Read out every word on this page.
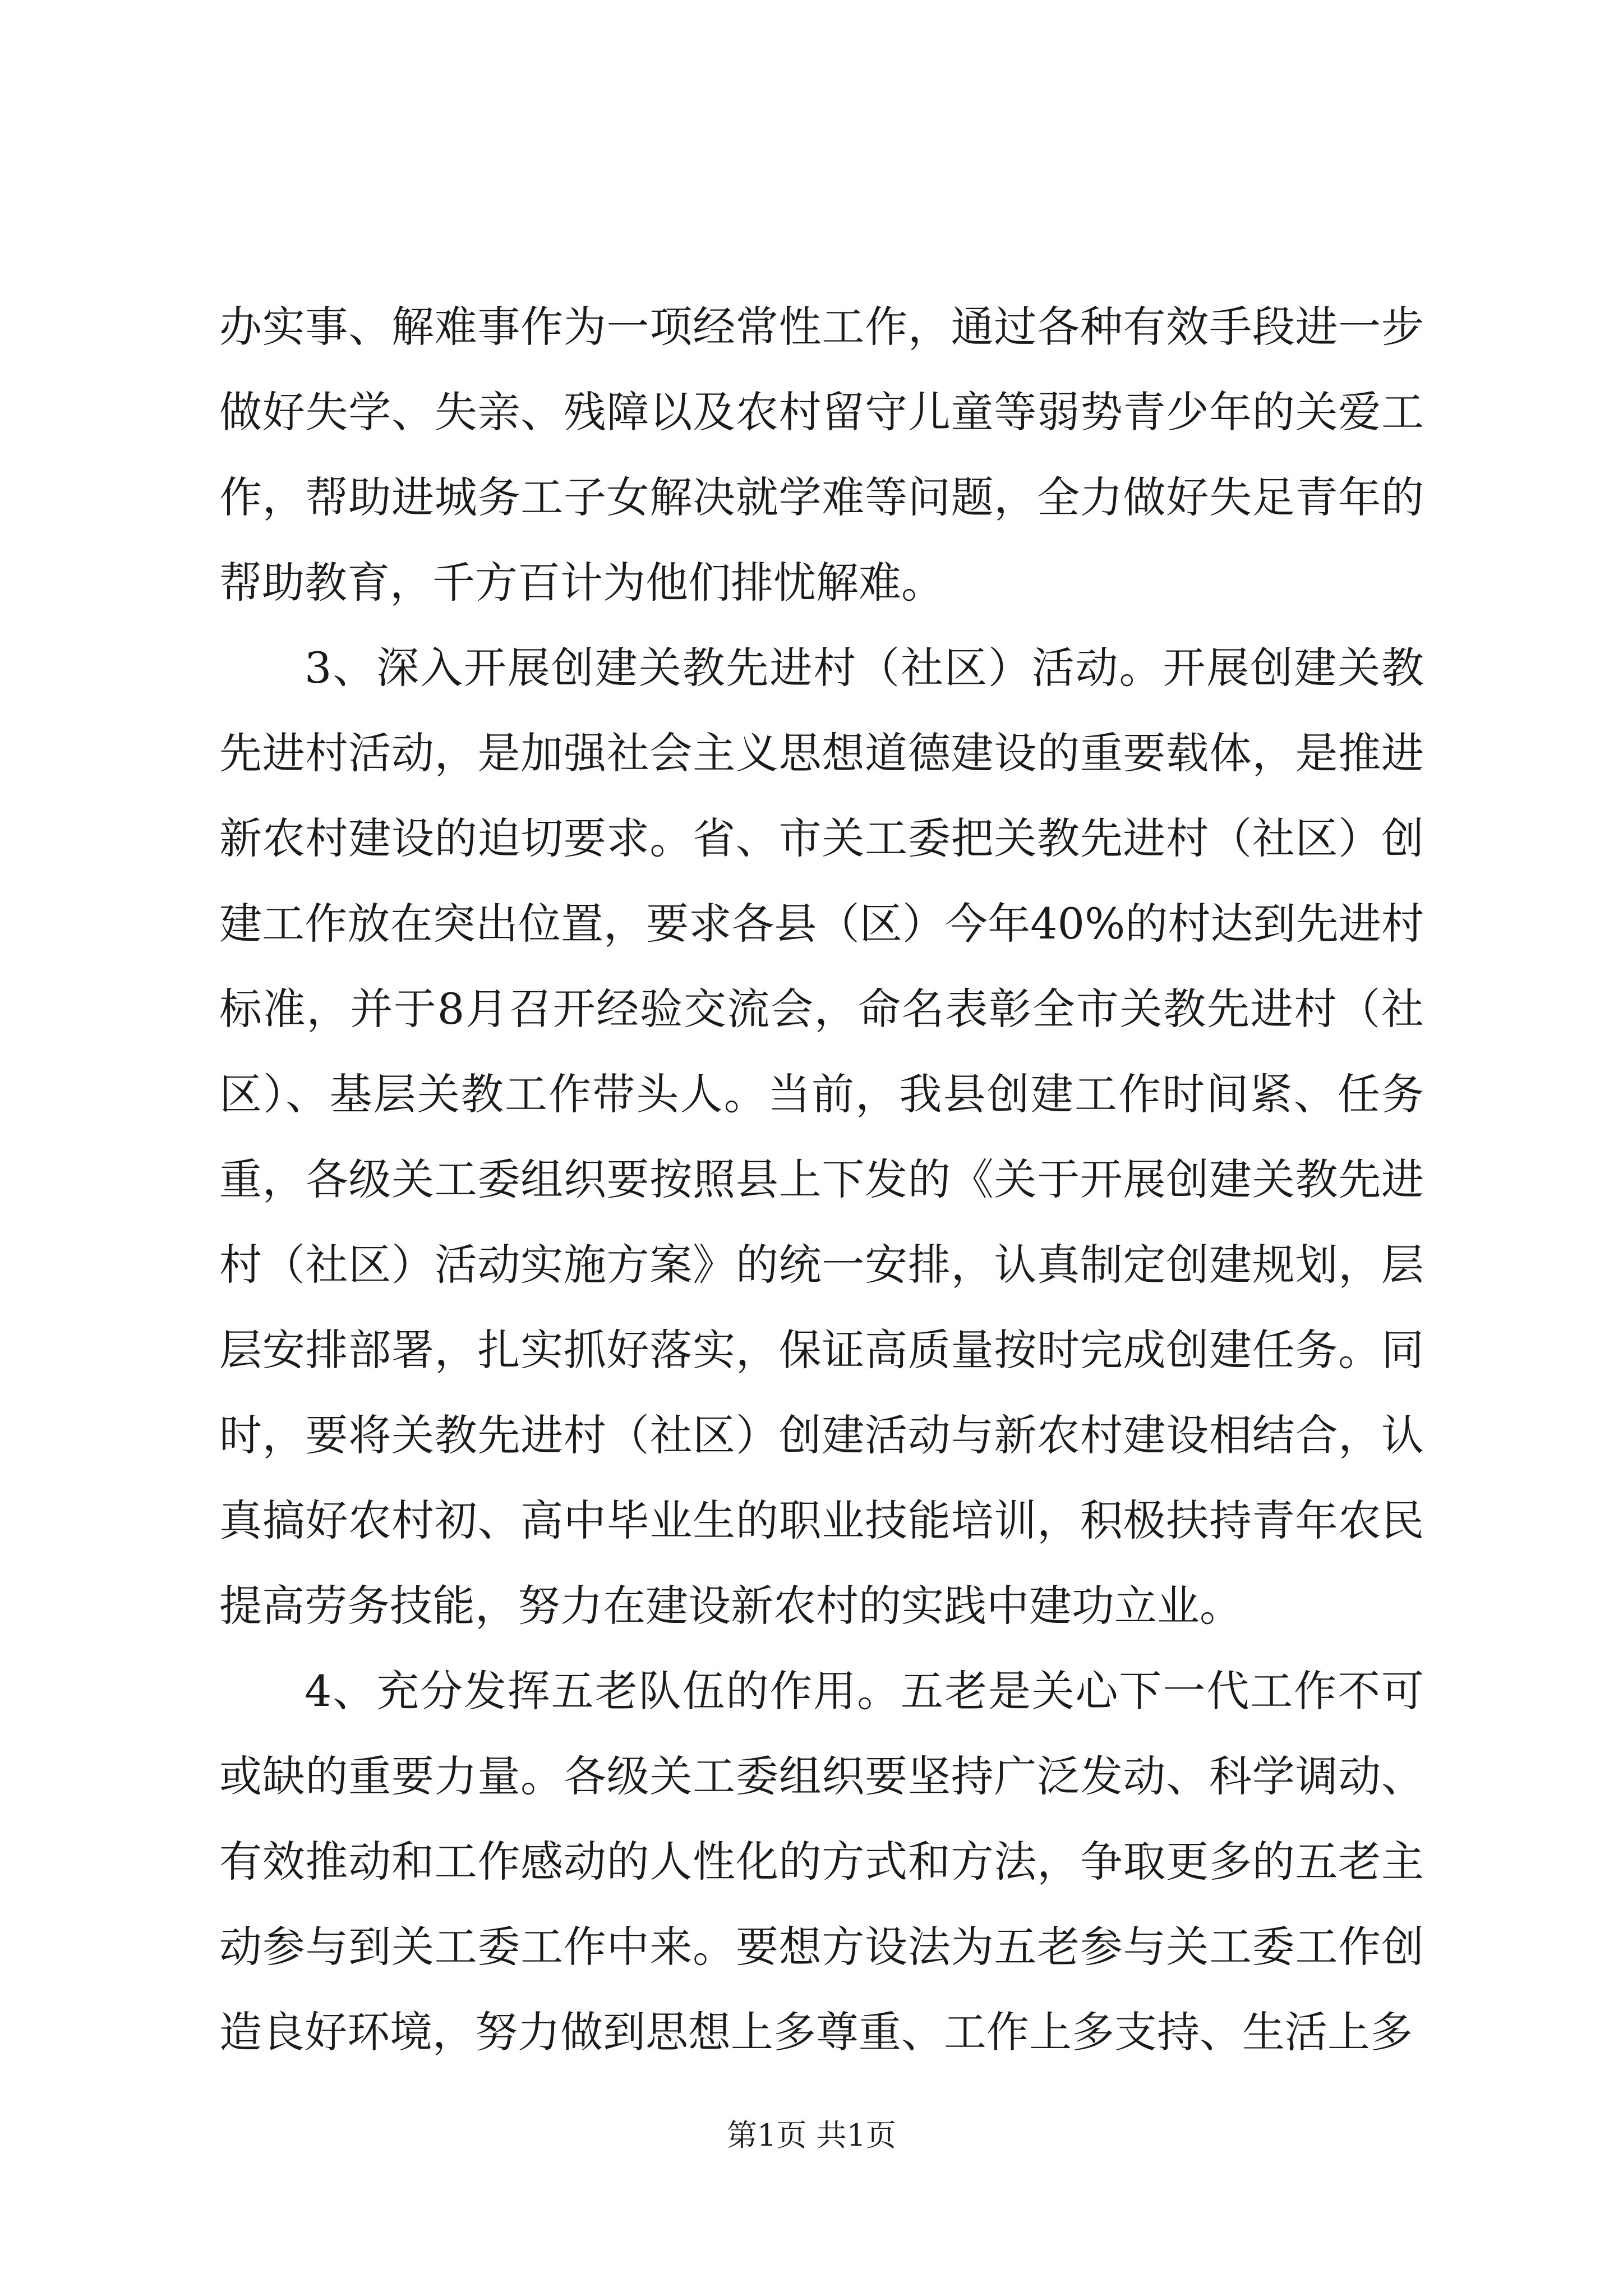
办实事、解难事作为一项经常性工作，通过各种有效手段进一步做好失学、失亲、残障以及农村留守儿童等弱势青少年的关爱工作，帮助进城务工子女解决就学难等问题，全力做好失足青年的帮助教育，千方百计为他们排忧解难。

3、深入开展创建关教先进村（社区）活动。开展创建关教先进村活动，是加强社会主义思想道德建设的重要载体，是推进新农村建设的迫切要求。省、市关工委把关教先进村（社区）创建工作放在突出位置，要求各县（区）今年40%的村达到先进村标准，并于8月召开经验交流会，命名表彰全市关教先进村（社区）、基层关教工作带头人。当前，我县创建工作时间紧、任务重，各级关工委组织要按照县上下发的《关于开展创建关教先进村（社区）活动实施方案》的统一安排，认真制定创建规划，层层安排部署，扎实抓好落实，保证高质量按时完成创建任务。同时，要将关教先进村（社区）创建活动与新农村建设相结合，认真搞好农村初、高中毕业生的职业技能培训，积极扶持青年农民提高劳务技能，努力在建设新农村的实践中建功立业。

4、充分发挥五老队伍的作用。五老是关心下一代工作不可或缺的重要力量。各级关工委组织要坚持广泛发动、科学调动、有效推动和工作感动的人性化的方式和方法，争取更多的五老主动参与到关工委工作中来。要想方设法为五老参与关工委工作创造良好环境，努力做到思想上多尊重、工作上多支持、生活上多

第1页 共1页
